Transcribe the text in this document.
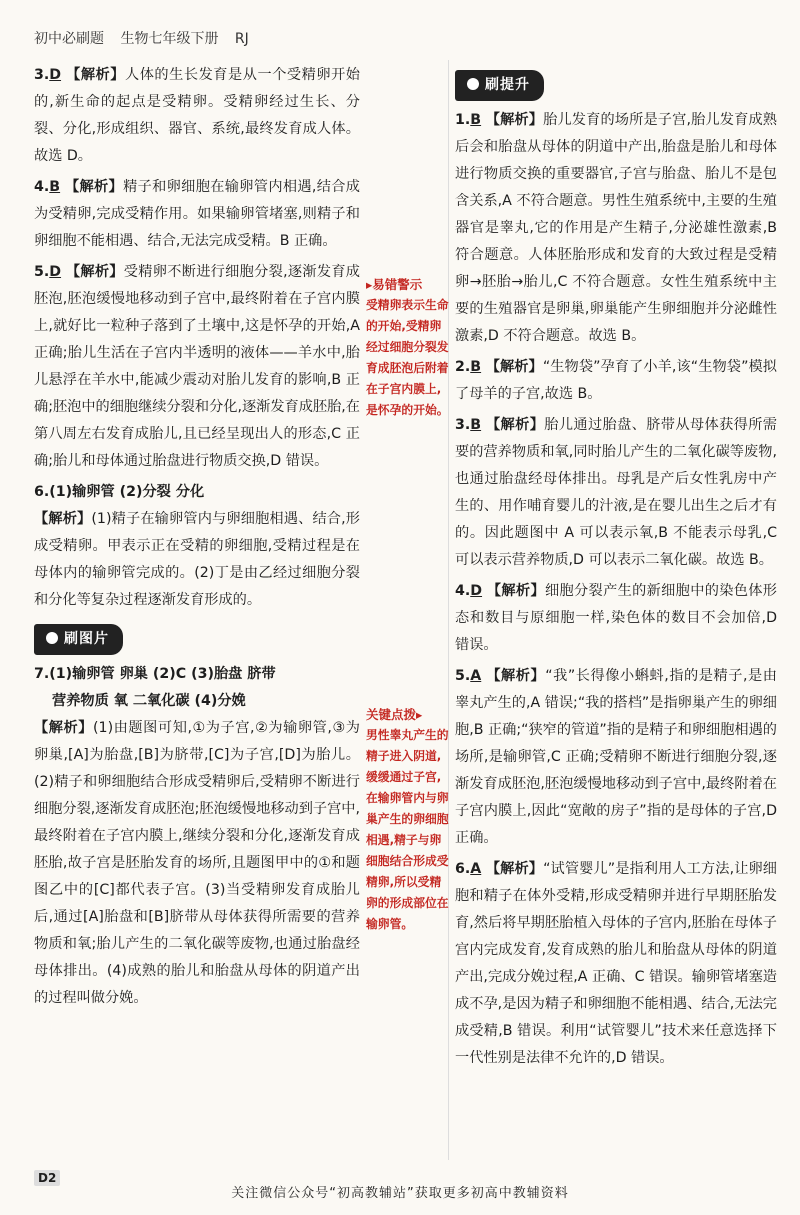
初中必刷题 生物七年级下册 RJ

3.D 【解析】人体的生长发育是从一个受精卵开始的,新生命的起点是受精卵。受精卵经过生长、分裂、分化,形成组织、器官、系统,最终发育成人体。故选 D。

4.B 【解析】精子和卵细胞在输卵管内相遇,结合成为受精卵,完成受精作用。如果输卵管堵塞,则精子和卵细胞不能相遇、结合,无法完成受精。B 正确。

5.D 【解析】受精卵不断进行细胞分裂,逐渐发育成胚泡,胚泡缓慢地移动到子宫中,最终附着在子宫内膜上,就好比一粒种子落到了土壤中,这是怀孕的开始,A 正确;胎儿生活在子宫内半透明的液体——羊水中,胎儿悬浮在羊水中,能减少震动对胎儿发育的影响,B 正确;胚泡中的细胞继续分裂和分化,逐渐发育成胚胎,在第八周左右发育成胎儿,且已经呈现出人的形态,C 正确;胎儿和母体通过胎盘进行物质交换,D 错误。

6.(1)输卵管 (2)分裂 分化
【解析】(1)精子在输卵管内与卵细胞相遇、结合,形成受精卵。甲表示正在受精的卵细胞,受精过程是在母体内的输卵管完成的。(2)丁是由乙经过细胞分裂和分化等复杂过程逐渐发育形成的。

刷图片

7.(1)输卵管 卵巢 (2)C (3)胎盘 脐带
营养物质 氧 二氧化碳 (4)分娩
【解析】(1)由题图可知,①为子宫,②为输卵管,③为卵巢,[A]为胎盘,[B]为脐带,[C]为子宫,[D]为胎儿。(2)精子和卵细胞结合形成受精卵后,受精卵不断进行细胞分裂,逐渐发育成胚泡;胚泡缓慢地移动到子宫中,最终附着在子宫内膜上,继续分裂和分化,逐渐发育成胚胎,故子宫是胚胎发育的场所,且题图甲中的①和题图乙中的[C]都代表子宫。(3)当受精卵发育成胎儿后,通过[A]胎盘和[B]脐带从母体获得所需要的营养物质和氧;胎儿产生的二氧化碳等废物,也通过胎盘经母体排出。(4)成熟的胎儿和胎盘从母体的阴道产出的过程叫做分娩。

▸易错警示
受精卵表示生命的开始,受精卵经过细胞分裂发育成胚泡后附着在子宫内膜上,是怀孕的开始。
关键点拨▸
男性睾丸产生的精子进入阴道,缓缓通过子宫,在输卵管内与卵巢产生的卵细胞相遇,精子与卵细胞结合形成受精卵,所以受精卵的形成部位在输卵管。
刷提升

1.B 【解析】胎儿发育的场所是子宫,胎儿发育成熟后会和胎盘从母体的阴道中产出,胎盘是胎儿和母体进行物质交换的重要器官,子宫与胎盘、胎儿不是包含关系,A 不符合题意。男性生殖系统中,主要的生殖器官是睾丸,它的作用是产生精子,分泌雄性激素,B 符合题意。人体胚胎形成和发育的大致过程是受精卵→胚胎→胎儿,C 不符合题意。女性生殖系统中主要的生殖器官是卵巢,卵巢能产生卵细胞并分泌雌性激素,D 不符合题意。故选 B。

2.B 【解析】“生物袋”孕育了小羊,该“生物袋”模拟了母羊的子宫,故选 B。

3.B 【解析】胎儿通过胎盘、脐带从母体获得所需要的营养物质和氧,同时胎儿产生的二氧化碳等废物,也通过胎盘经母体排出。母乳是产后女性乳房中产生的、用作哺育婴儿的汁液,是在婴儿出生之后才有的。因此题图中 A 可以表示氧,B 不能表示母乳,C 可以表示营养物质,D 可以表示二氧化碳。故选 B。

4.D 【解析】细胞分裂产生的新细胞中的染色体形态和数目与原细胞一样,染色体的数目不会加倍,D 错误。

5.A 【解析】“我”长得像小蝌蚪,指的是精子,是由睾丸产生的,A 错误;“我的搭档”是指卵巢产生的卵细胞,B 正确;“狭窄的管道”指的是精子和卵细胞相遇的场所,是输卵管,C 正确;受精卵不断进行细胞分裂,逐渐发育成胚泡,胚泡缓慢地移动到子宫中,最终附着在子宫内膜上,因此“宽敞的房子”指的是母体的子宫,D 正确。

6.A 【解析】“试管婴儿”是指利用人工方法,让卵细胞和精子在体外受精,形成受精卵并进行早期胚胎发育,然后将早期胚胎植入母体的子宫内,胚胎在母体子宫内完成发育,发育成熟的胎儿和胎盘从母体的阴道产出,完成分娩过程,A 正确、C 错误。输卵管堵塞造成不孕,是因为精子和卵细胞不能相遇、结合,无法完成受精,B 错误。利用“试管婴儿”技术来任意选择下一代性别是法律不允许的,D 错误。

D2
关注微信公众号“初高教辅站”获取更多初高中教辅资料
